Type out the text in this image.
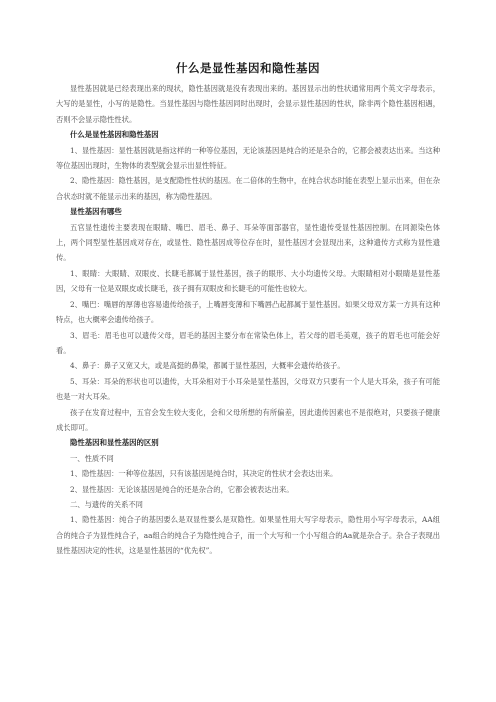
什么是显性基因和隐性基因

显性基因就是已经表现出来的现状，隐性基因就是没有表现出来的。基因显示出的性状通常用两个英文字母表示，大写的是显性，小写的是隐性。当显性基因与隐性基因同时出现时，会显示显性基因的性状，除非两个隐性基因相遇，否则不会显示隐性性状。

什么是显性基因和隐性基因

1、显性基因：显性基因就是指这样的一种等位基因，无论该基因是纯合的还是杂合的，它都会被表达出来。当这种等位基因出现时，生物体的表型就会显示出显性特征。

2、隐性基因：隐性基因，是支配隐性性状的基因。在二倍体的生物中，在纯合状态时能在表型上显示出来，但在杂合状态时就不能显示出来的基因，称为隐性基因。

显性基因有哪些

五官显性遗传主要表现在眼睛、嘴巴、眉毛、鼻子、耳朵等面部器官，显性遗传受显性基因控制。在同源染色体上，两个同型显性基因成对存在，或显性、隐性基因成等位存在时，显性基因才会显现出来，这种遗传方式称为显性遗传。

1、眼睛：大眼睛、双眼皮、长睫毛都属于显性基因，孩子的眼形、大小均遗传父母。大眼睛相对小眼睛是显性基因，父母有一位是双眼皮或长睫毛，孩子拥有双眼皮和长睫毛的可能性也较大。

2、嘴巴：嘴唇的厚薄也容易遗传给孩子，上嘴唇变薄和下嘴唇凸起都属于显性基因。如果父母双方某一方具有这种特点，也大概率会遗传给孩子。

3、眉毛：眉毛也可以遗传父母，眉毛的基因主要分布在常染色体上，若父母的眉毛美观，孩子的眉毛也可能会好看。

4、鼻子：鼻子又宽又大，或是高挺的鼻梁，都属于显性基因，大概率会遗传给孩子。

5、耳朵：耳朵的形状也可以遗传，大耳朵相对于小耳朵是显性基因，父母双方只要有一个人是大耳朵，孩子有可能也是一对大耳朵。

孩子在发育过程中，五官会发生较大变化，会和父母所想的有所偏差，因此遗传因素也不是很绝对，只要孩子健康成长即可。

隐性基因和显性基因的区别

一、性质不同

1、隐性基因：一种等位基因，只有该基因是纯合时，其决定的性状才会表达出来。

2、显性基因：无论该基因是纯合的还是杂合的，它都会被表达出来。

二、与遗传的关系不同

1、隐性基因：纯合子的基因要么是双显性要么是双隐性。如果显性用大写字母表示，隐性用小写字母表示，AA组合的纯合子为显性纯合子，aa组合的纯合子为隐性纯合子，而一个大写和一个小写组合的Aa就是杂合子。杂合子表现出显性基因决定的性状，这是显性基因的“优先权”。
